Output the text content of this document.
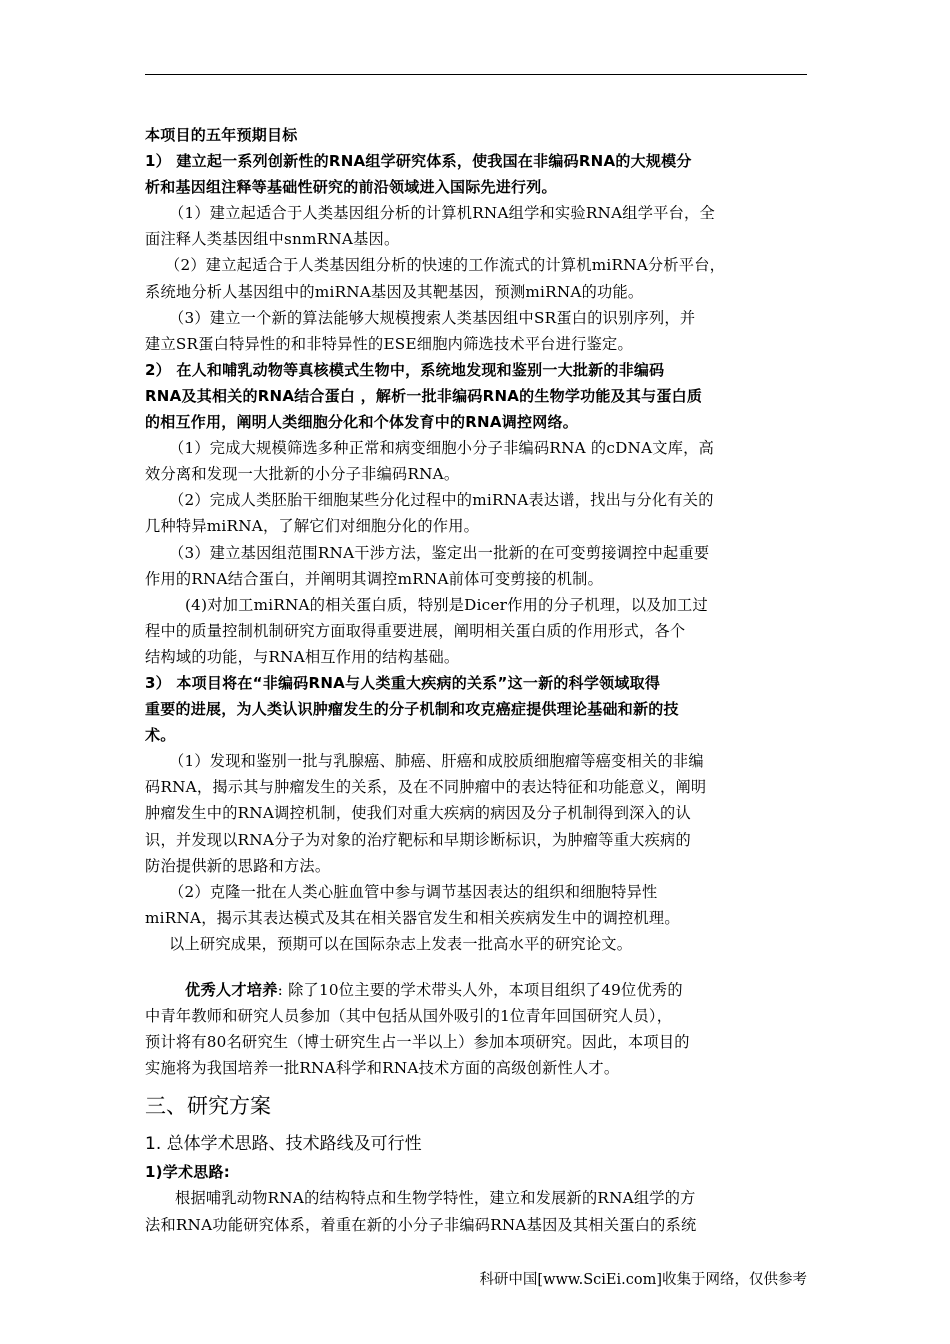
本项目的五年预期目标
1） 建立起一系列创新性的RNA组学研究体系，使我国在非编码RNA的大规模分
析和基因组注释等基础性研究的前沿领域进入国际先进行列。
（1）建立起适合于人类基因组分析的计算机RNA组学和实验RNA组学平台，全
面注释人类基因组中snmRNA基因。
（2）建立起适合于人类基因组分析的快速的工作流式的计算机miRNA分析平台，
系统地分析人基因组中的miRNA基因及其靶基因，预测miRNA的功能。
（3）建立一个新的算法能够大规模搜索人类基因组中SR蛋白的识别序列，并
建立SR蛋白特异性的和非特异性的ESE细胞内筛选技术平台进行鉴定。
2） 在人和哺乳动物等真核模式生物中，系统地发现和鉴别一大批新的非编码
RNA及其相关的RNA结合蛋白 ，解析一批非编码RNA的生物学功能及其与蛋白质
的相互作用，阐明人类细胞分化和个体发育中的RNA调控网络。
（1）完成大规模筛选多种正常和病变细胞小分子非编码RNA 的cDNA文库，高
效分离和发现一大批新的小分子非编码RNA。
（2）完成人类胚胎干细胞某些分化过程中的miRNA表达谱，找出与分化有关的
几种特异miRNA，了解它们对细胞分化的作用。
（3）建立基因组范围RNA干涉方法，鉴定出一批新的在可变剪接调控中起重要
作用的RNA结合蛋白，并阐明其调控mRNA前体可变剪接的机制。
(4)对加工miRNA的相关蛋白质，特别是Dicer作用的分子机理，以及加工过
程中的质量控制机制研究方面取得重要进展，阐明相关蛋白质的作用形式，各个
结构域的功能，与RNA相互作用的结构基础。
3） 本项目将在“非编码RNA与人类重大疾病的关系”这一新的科学领域取得
重要的进展，为人类认识肿瘤发生的分子机制和攻克癌症提供理论基础和新的技
术。
（1）发现和鉴别一批与乳腺癌、肺癌、肝癌和成胶质细胞瘤等癌变相关的非编
码RNA，揭示其与肿瘤发生的关系，及在不同肿瘤中的表达特征和功能意义，阐明
肿瘤发生中的RNA调控机制，使我们对重大疾病的病因及分子机制得到深入的认
识，并发现以RNA分子为对象的治疗靶标和早期诊断标识，为肿瘤等重大疾病的
防治提供新的思路和方法。
（2）克隆一批在人类心脏血管中参与调节基因表达的组织和细胞特异性
miRNA，揭示其表达模式及其在相关器官发生和相关疾病发生中的调控机理。
以上研究成果，预期可以在国际杂志上发表一批高水平的研究论文。
优秀人才培养: 除了10位主要的学术带头人外，本项目组织了49位优秀的
中青年教师和研究人员参加（其中包括从国外吸引的1位青年回国研究人员），
预计将有80名研究生（博士研究生占一半以上）参加本项研究。因此，本项目的
实施将为我国培养一批RNA科学和RNA技术方面的高级创新性人才。
三、研究方案
1. 总体学术思路、技术路线及可行性
1)学术思路:
根据哺乳动物RNA的结构特点和生物学特性，建立和发展新的RNA组学的方
法和RNA功能研究体系，着重在新的小分子非编码RNA基因及其相关蛋白的系统
科研中国[www.SciEi.com]收集于网络，仅供参考
